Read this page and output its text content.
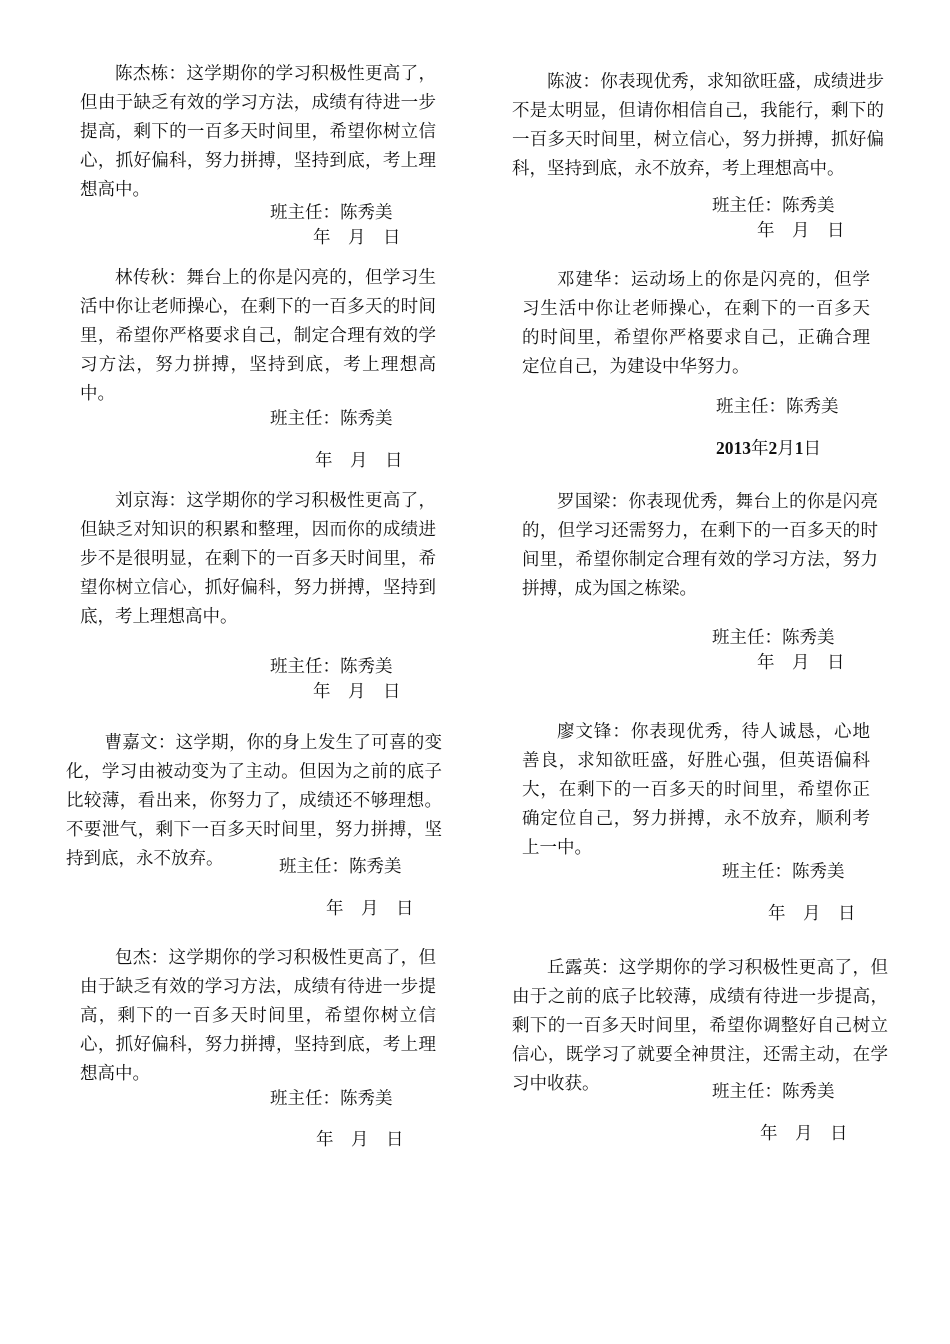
陈杰栋：这学期你的学习积极性更高了，但由于缺乏有效的学习方法，成绩有待进一步提高，剩下的一百多天时间里，希望你树立信心，抓好偏科，努力拼搏，坚持到底，考上理想高中。

班主任：陈秀美
年　月　日

林传秋：舞台上的你是闪亮的，但学习生活中你让老师操心，在剩下的一百多天的时间里，希望你严格要求自己，制定合理有效的学习方法，努力拼搏，坚持到底，考上理想高中。

班主任：陈秀美
年　月　日

刘京海：这学期你的学习积极性更高了，但缺乏对知识的积累和整理，因而你的成绩进步不是很明显，在剩下的一百多天时间里，希望你树立信心，抓好偏科，努力拼搏，坚持到底，考上理想高中。

班主任：陈秀美
年　月　日

曹嘉文：这学期，你的身上发生了可喜的变化，学习由被动变为了主动。但因为之前的底子比较薄，看出来，你努力了，成绩还不够理想。不要泄气，剩下一百多天时间里，努力拼搏，坚持到底，永不放弃。	班主任：陈秀美
年　月　日

包杰：这学期你的学习积极性更高了，但由于缺乏有效的学习方法，成绩有待进一步提高，剩下的一百多天时间里，希望你树立信心，抓好偏科，努力拼搏，坚持到底，考上理想高中。

班主任：陈秀美
年　月　日

陈波：你表现优秀，求知欲旺盛，成绩进步不是太明显，但请你相信自己，我能行，剩下的一百多天时间里，树立信心，努力拼搏，抓好偏科，坚持到底，永不放弃，考上理想高中。

班主任：陈秀美
年　月　日

邓建华：运动场上的你是闪亮的，但学习生活中你让老师操心，在剩下的一百多天的时间里，希望你严格要求自己，正确合理定位自己，为建设中华努力。

班主任：陈秀美
2013年2月1日

罗国梁：你表现优秀，舞台上的你是闪亮的，但学习还需努力，在剩下的一百多天的时间里，希望你制定合理有效的学习方法，努力拼搏，成为国之栋梁。

班主任：陈秀美
年　月　日

廖文锋：你表现优秀，待人诚恳，心地善良，求知欲旺盛，好胜心强，但英语偏科大，在剩下的一百多天的时间里，希望你正确定位自己，努力拼搏，永不放弃，顺利考上一中。

班主任：陈秀美
年　月　日

丘露英：这学期你的学习积极性更高了，但由于之前的底子比较薄，成绩有待进一步提高，剩下的一百多天时间里，希望你调整好自己树立信心，既学习了就要全神贯注，还需主动，在学习中收获。	班主任：陈秀美
年　月　日
